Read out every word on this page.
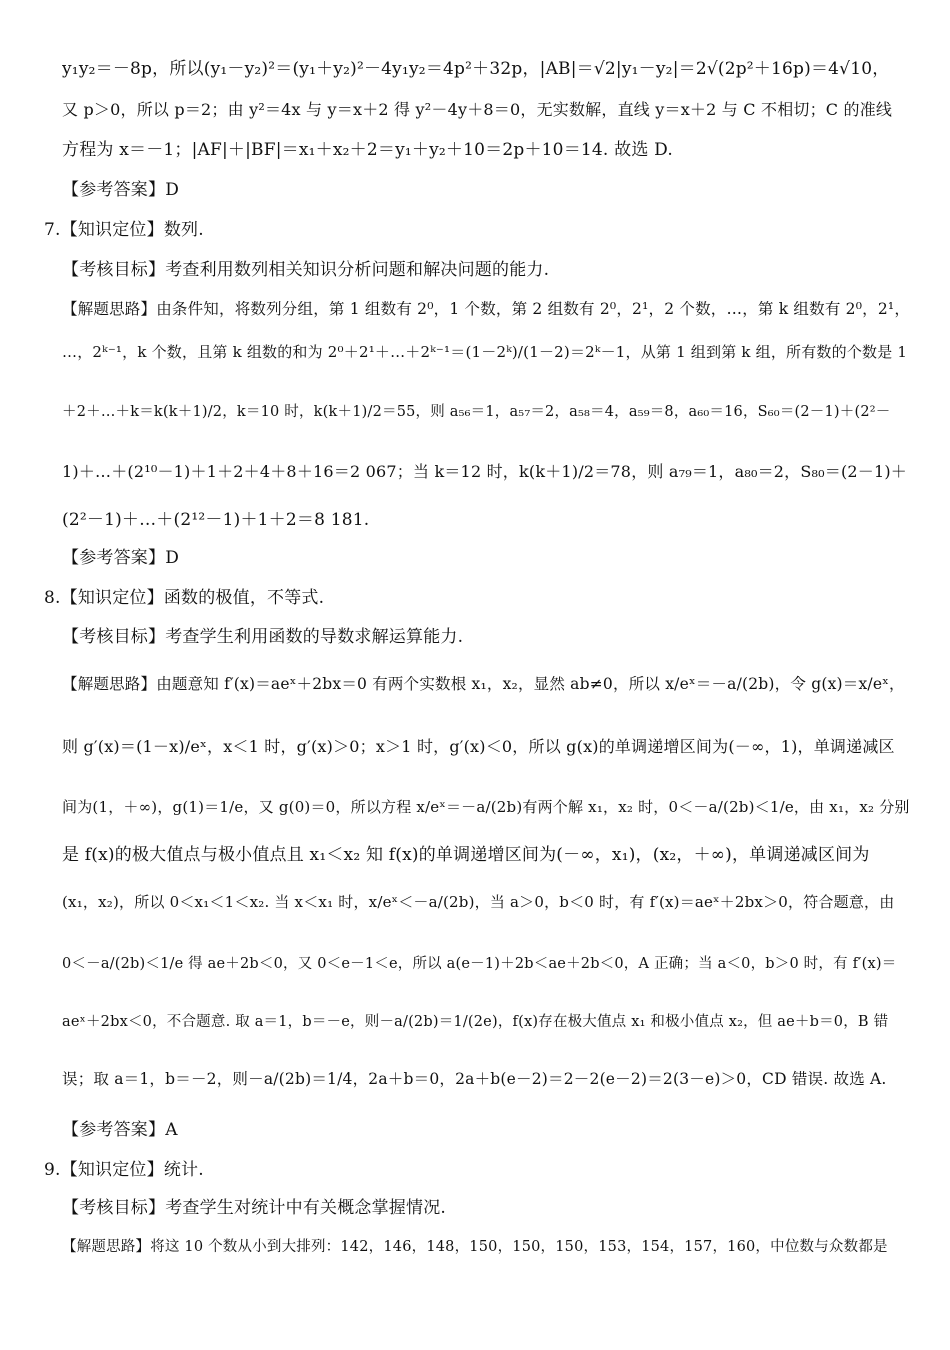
y₁y₂＝－8p，所以(y₁－y₂)²＝(y₁＋y₂)²－4y₁y₂＝4p²＋32p，|AB|＝√2|y₁－y₂|＝2√(2p²＋16p)＝4√10，
又 p＞0，所以 p＝2；由 y²＝4x 与 y＝x＋2 得 y²－4y＋8＝0，无实数解，直线 y＝x＋2 与 C 不相切；C 的准线
方程为 x＝－1；|AF|＋|BF|＝x₁＋x₂＋2＝y₁＋y₂＋10＝2p＋10＝14. 故选 D.
【参考答案】D
7.【知识定位】数列.
【考核目标】考查利用数列相关知识分析问题和解决问题的能力.
【解题思路】由条件知，将数列分组，第 1 组数有 2⁰，1 个数，第 2 组数有 2⁰，2¹，2 个数，…，第 k 组数有 2⁰，2¹，
…，2ᵏ⁻¹，k 个数，且第 k 组数的和为 2⁰＋2¹＋…＋2ᵏ⁻¹＝(1－2ᵏ)/(1－2)＝2ᵏ－1，从第 1 组到第 k 组，所有数的个数是 1
＋2＋…＋k＝k(k＋1)/2，k＝10 时，k(k＋1)/2＝55，则 a₅₆＝1，a₅₇＝2，a₅₈＝4，a₅₉＝8，a₆₀＝16，S₆₀＝(2－1)＋(2²－
1)＋…＋(2¹⁰－1)＋1＋2＋4＋8＋16＝2 067；当 k＝12 时，k(k＋1)/2＝78，则 a₇₉＝1，a₈₀＝2，S₈₀＝(2－1)＋
(2²－1)＋…＋(2¹²－1)＋1＋2＝8 181.
【参考答案】D
8.【知识定位】函数的极值，不等式.
【考核目标】考查学生利用函数的导数求解运算能力.
【解题思路】由题意知 f′(x)＝aeˣ＋2bx＝0 有两个实数根 x₁，x₂，显然 ab≠0，所以 x/eˣ＝－a/(2b)，令 g(x)＝x/eˣ，
则 g′(x)＝(1－x)/eˣ，x＜1 时，g′(x)＞0；x＞1 时，g′(x)＜0，所以 g(x)的单调递增区间为(－∞，1)，单调递减区
间为(1，＋∞)，g(1)＝1/e，又 g(0)＝0，所以方程 x/eˣ＝－a/(2b)有两个解 x₁，x₂ 时，0＜－a/(2b)＜1/e，由 x₁，x₂ 分别
是 f(x)的极大值点与极小值点且 x₁＜x₂ 知 f(x)的单调递增区间为(－∞，x₁)，(x₂，＋∞)，单调递减区间为
(x₁，x₂)，所以 0＜x₁＜1＜x₂. 当 x＜x₁ 时，x/eˣ＜－a/(2b)，当 a＞0，b＜0 时，有 f′(x)＝aeˣ＋2bx＞0，符合题意，由
0＜－a/(2b)＜1/e 得 ae＋2b＜0，又 0＜e－1＜e，所以 a(e－1)＋2b＜ae＋2b＜0，A 正确；当 a＜0，b＞0 时，有 f′(x)＝
aeˣ＋2bx＜0，不合题意. 取 a＝1，b＝－e，则－a/(2b)＝1/(2e)，f(x)存在极大值点 x₁ 和极小值点 x₂，但 ae＋b＝0，B 错
误；取 a＝1，b＝－2，则－a/(2b)＝1/4，2a＋b＝0，2a＋b(e－2)＝2－2(e－2)＝2(3－e)＞0，CD 错误. 故选 A.
【参考答案】A
9.【知识定位】统计.
【考核目标】考查学生对统计中有关概念掌握情况.
【解题思路】将这 10 个数从小到大排列：142，146，148，150，150，150，153，154，157，160，中位数与众数都是
